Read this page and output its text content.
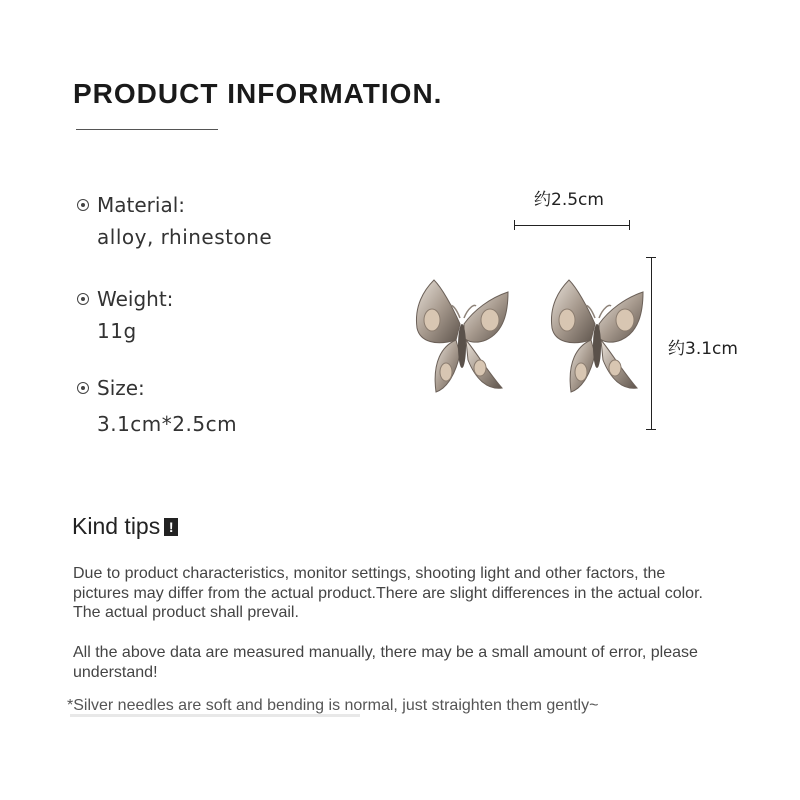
PRODUCT INFORMATION.
Material:
alloy, rhinestone
Weight:
11g
Size:
3.1cm*2.5cm
约2.5cm
约3.1cm
Kind tips !
Due to product characteristics, monitor settings, shooting light and other factors, the pictures may differ from the actual product.There are slight differences in the actual color. The actual product shall prevail.
All the above data are measured manually, there may be a small amount of error, please understand!
*Silver needles are soft and bending is normal, just straighten them gently~
